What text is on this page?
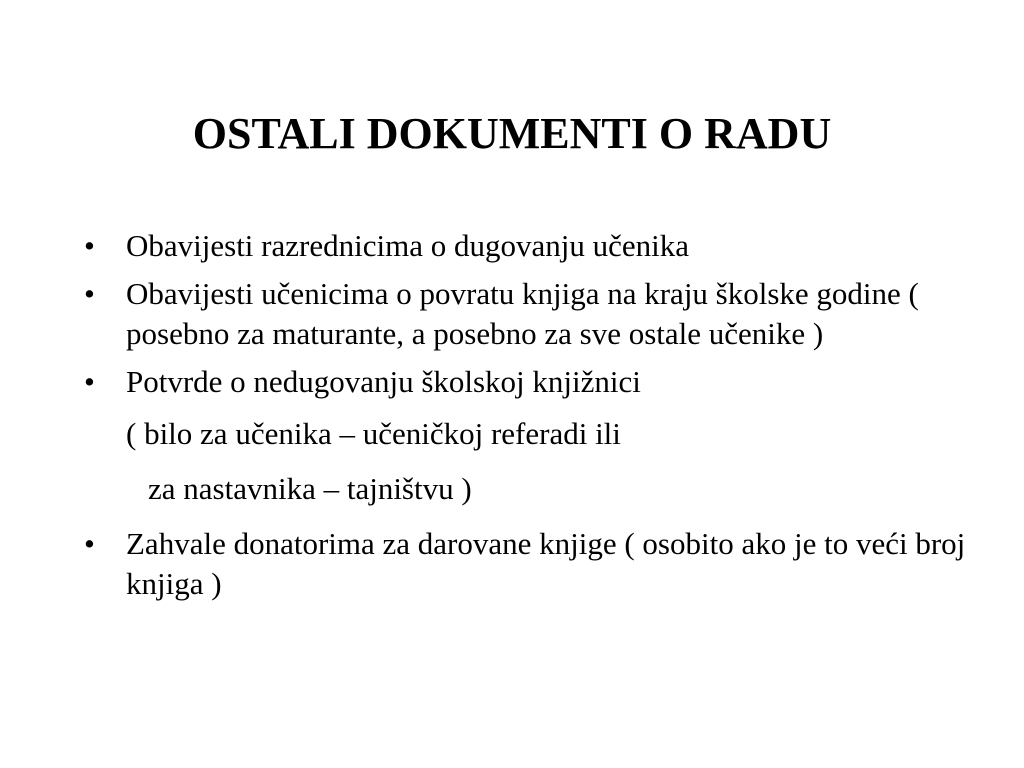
OSTALI DOKUMENTI O RADU
•	Obavijesti razrednicima o dugovanju učenika
•	Obavijesti učenicima o povratu knjiga na kraju školske godine ( posebno za maturante, a posebno za sve ostale učenike )
•	Potvrde o nedugovanju školskoj knjižnici
( bilo za učenika – učeničkoj referadi ili
za nastavnika – tajništvu )
•	Zahvale donatorima za darovane knjige ( osobito ako je to veći broj knjiga )
